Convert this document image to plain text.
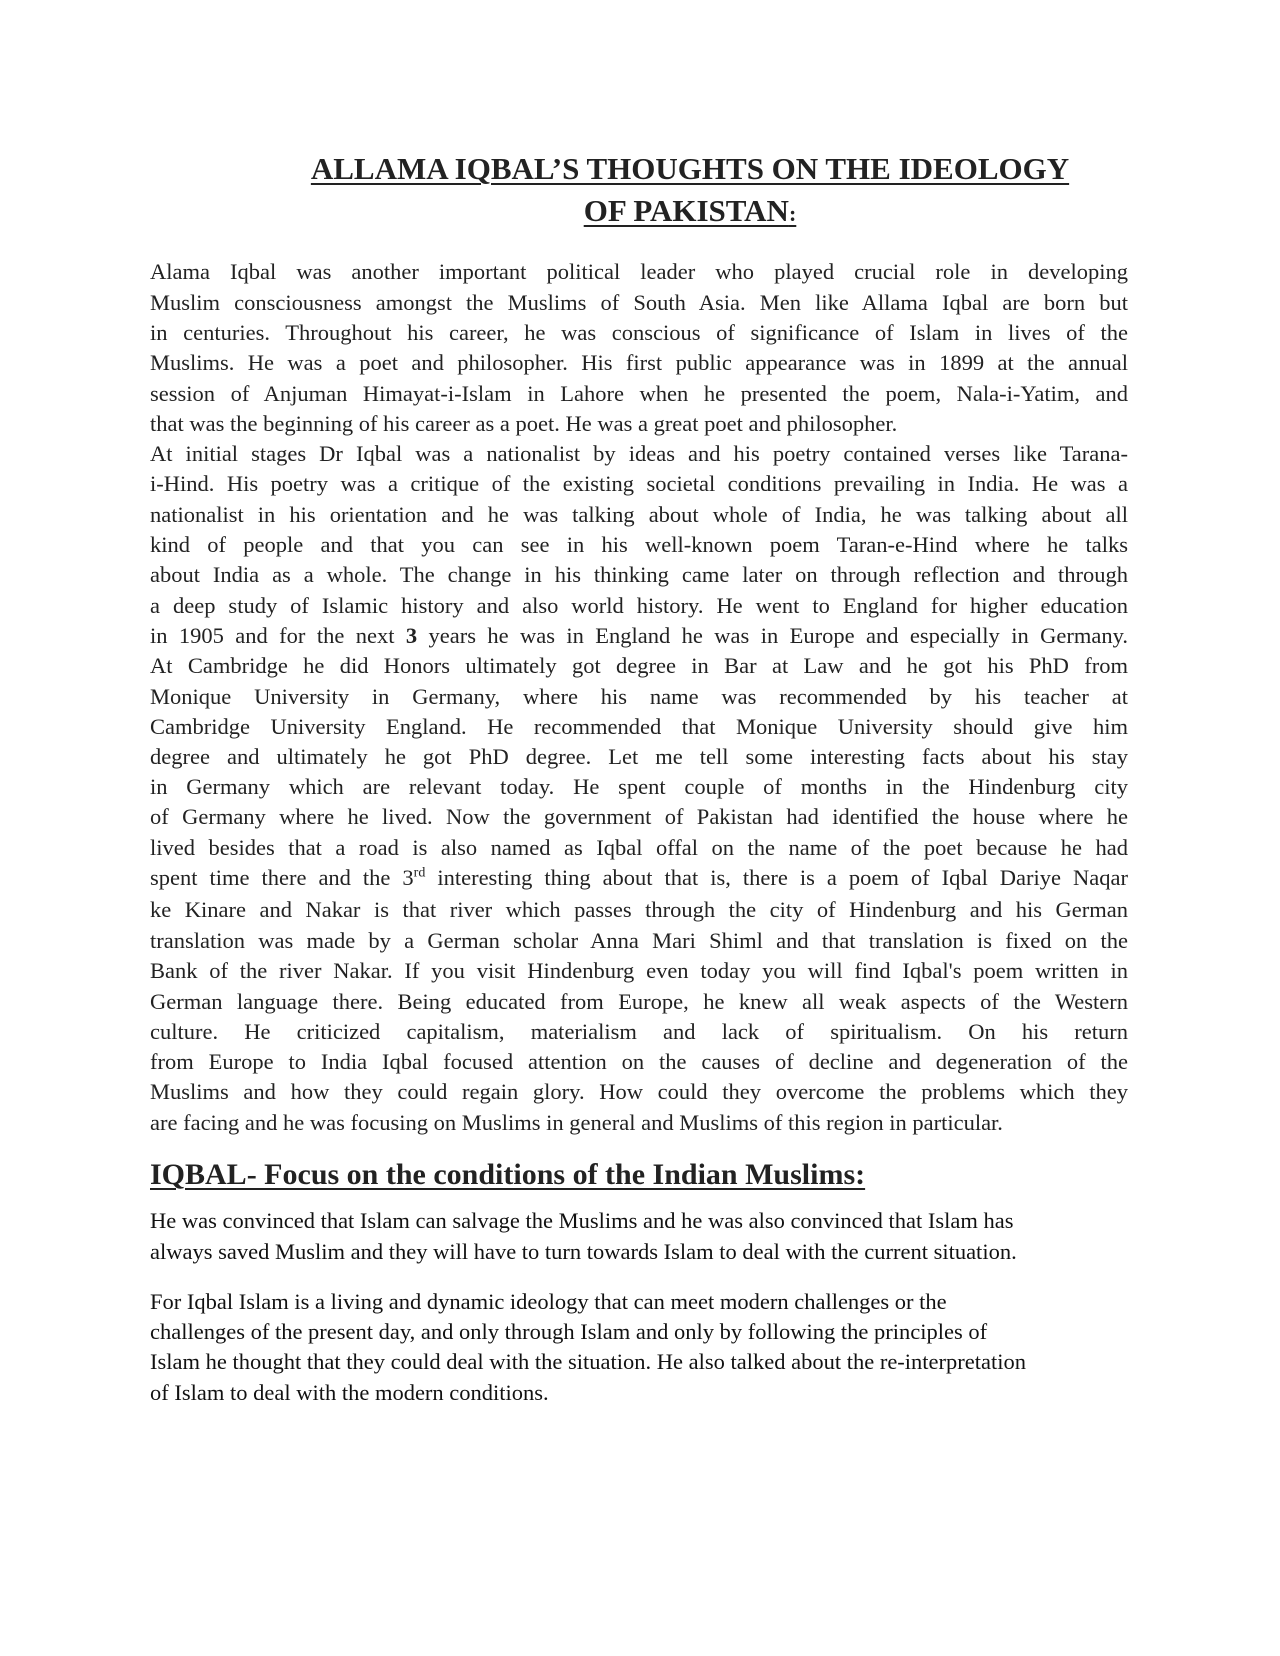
ALLAMA IQBAL’S THOUGHTS ON THE IDEOLOGY
OF PAKISTAN:
Alama Iqbal was another important political leader who played crucial role in developing
Muslim consciousness amongst the Muslims of South Asia. Men like Allama Iqbal are born but
in centuries. Throughout his career, he was conscious of significance of Islam in lives of the
Muslims. He was a poet and philosopher. His first public appearance was in 1899 at the annual
session of Anjuman Himayat-i-Islam in Lahore when he presented the poem, Nala-i-Yatim, and
that was the beginning of his career as a poet. He was a great poet and philosopher.
At initial stages Dr Iqbal was a nationalist by ideas and his poetry contained verses like Tarana-
i-Hind. His poetry was a critique of the existing societal conditions prevailing in India. He was a
nationalist in his orientation and he was talking about whole of India, he was talking about all
kind of people and that you can see in his well-known poem Taran-e-Hind where he talks
about India as a whole. The change in his thinking came later on through reflection and through
a deep study of Islamic history and also world history. He went to England for higher education
in 1905 and for the next 3 years he was in England he was in Europe and especially in Germany.
At Cambridge he did Honors ultimately got degree in Bar at Law and he got his PhD from
Monique University in Germany, where his name was recommended by his teacher at
Cambridge University England. He recommended that Monique University should give him
degree and ultimately he got PhD degree. Let me tell some interesting facts about his stay
in Germany which are relevant today. He spent couple of months in the Hindenburg city
of Germany where he lived. Now the government of Pakistan had identified the house where he
lived besides that a road is also named as Iqbal offal on the name of the poet because he had
spent time there and the 3rd interesting thing about that is, there is a poem of Iqbal Dariye Naqar
ke Kinare and Nakar is that river which passes through the city of Hindenburg and his German
translation was made by a German scholar Anna Mari Shiml and that translation is fixed on the
Bank of the river Nakar. If you visit Hindenburg even today you will find Iqbal's poem written in
German language there. Being educated from Europe, he knew all weak aspects of the Western
culture. He criticized capitalism, materialism and lack of spiritualism. On his return
from Europe to India Iqbal focused attention on the causes of decline and degeneration of the
Muslims and how they could regain glory. How could they overcome the problems which they
are facing and he was focusing on Muslims in general and Muslims of this region in particular.
IQBAL- Focus on the conditions of the Indian Muslims:
He was convinced that Islam can salvage the Muslims and he was also convinced that Islam has
always saved Muslim and they will have to turn towards Islam to deal with the current situation.
For Iqbal Islam is a living and dynamic ideology that can meet modern challenges or the
challenges of the present day, and only through Islam and only by following the principles of
Islam he thought that they could deal with the situation. He also talked about the re-interpretation
of Islam to deal with the modern conditions.
